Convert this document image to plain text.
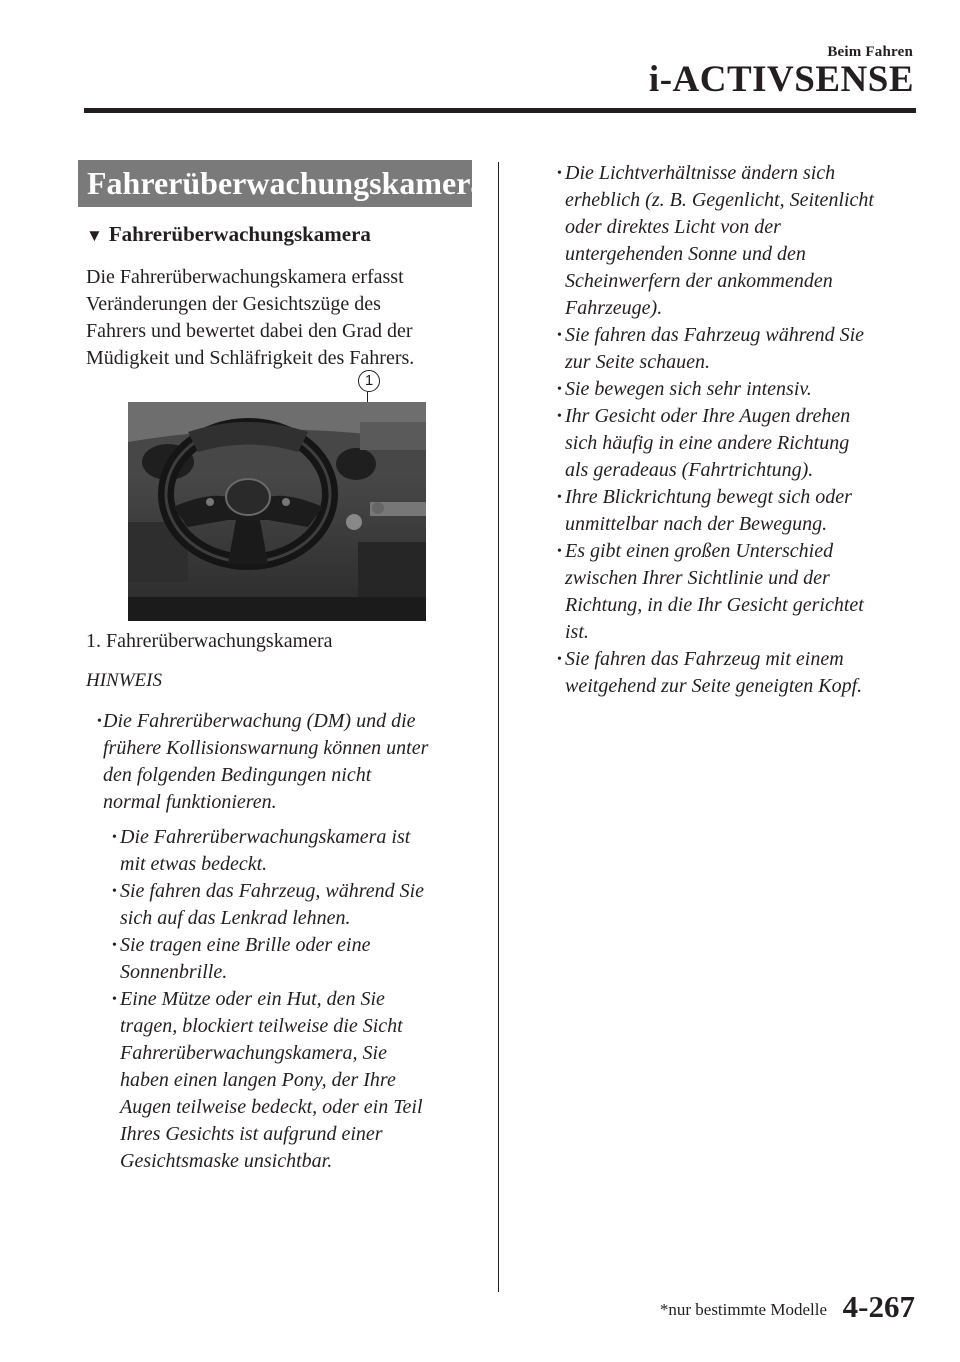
Beim Fahren
i-ACTIVSENSE
Fahrerüberwachungskamera*
▼ Fahrerüberwachungskamera
Die Fahrerüberwachungskamera erfasst
Veränderungen der Gesichtszüge des
Fahrers und bewertet dabei den Grad der
Müdigkeit und Schläfrigkeit des Fahrers.
1
1. Fahrerüberwachungskamera
HINWEIS
• Die Fahrerüberwachung (DM) und die
frühere Kollisionswarnung können unter
den folgenden Bedingungen nicht
normal funktionieren.
• Die Fahrerüberwachungskamera ist
mit etwas bedeckt.
• Sie fahren das Fahrzeug, während Sie
sich auf das Lenkrad lehnen.
• Sie tragen eine Brille oder eine
Sonnenbrille.
• Eine Mütze oder ein Hut, den Sie
tragen, blockiert teilweise die Sicht
Fahrerüberwachungskamera, Sie
haben einen langen Pony, der Ihre
Augen teilweise bedeckt, oder ein Teil
Ihres Gesichts ist aufgrund einer
Gesichtsmaske unsichtbar.
• Die Lichtverhältnisse ändern sich
erheblich (z. B. Gegenlicht, Seitenlicht
oder direktes Licht von der
untergehenden Sonne und den
Scheinwerfern der ankommenden
Fahrzeuge).
• Sie fahren das Fahrzeug während Sie
zur Seite schauen.
• Sie bewegen sich sehr intensiv.
• Ihr Gesicht oder Ihre Augen drehen
sich häufig in eine andere Richtung
als geradeaus (Fahrtrichtung).
• Ihre Blickrichtung bewegt sich oder
unmittelbar nach der Bewegung.
• Es gibt einen großen Unterschied
zwischen Ihrer Sichtlinie und der
Richtung, in die Ihr Gesicht gerichtet
ist.
• Sie fahren das Fahrzeug mit einem
weitgehend zur Seite geneigten Kopf.
*nur bestimmte Modelle 4-267
